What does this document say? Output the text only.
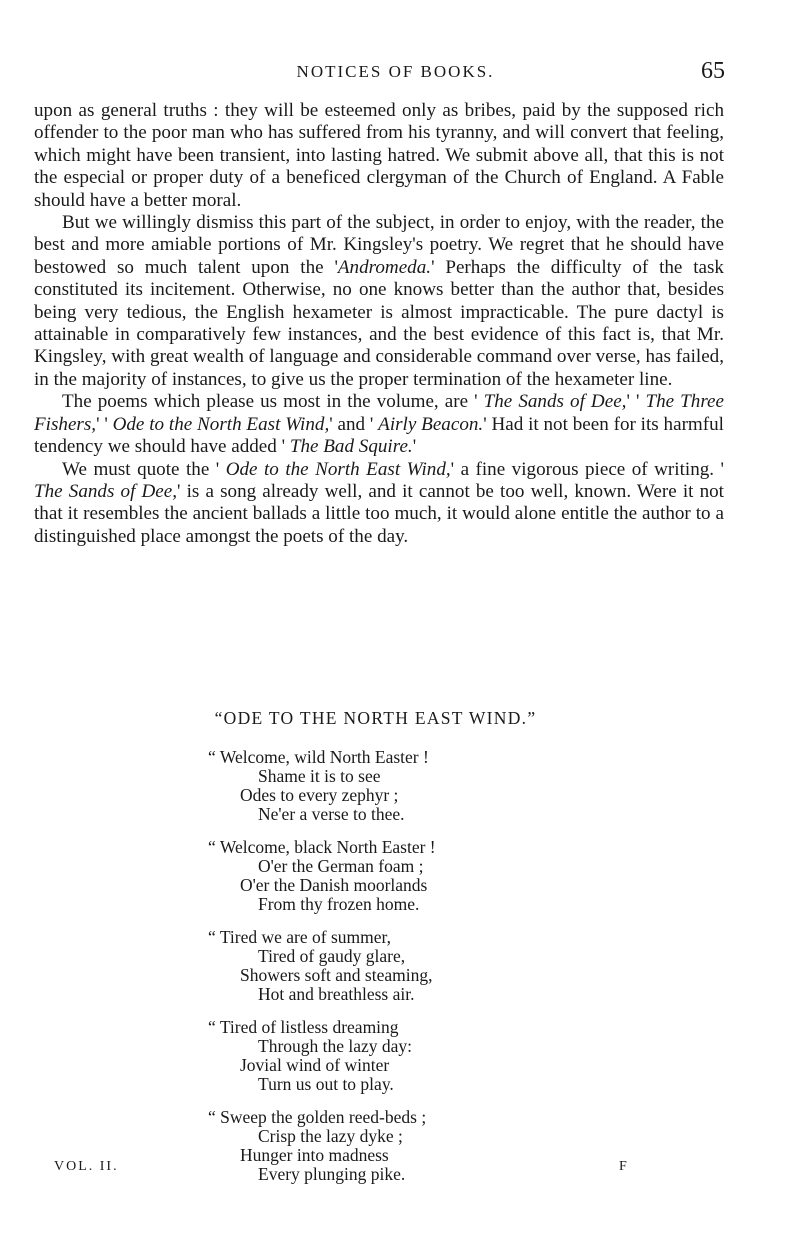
NOTICES OF BOOKS.	65

upon as general truths : they will be esteemed only as bribes, paid by the supposed rich offender to the poor man who has suffered from his tyranny, and will convert that feeling, which might have been transient, into lasting hatred. We submit above all, that this is not the especial or proper duty of a beneficed clergyman of the Church of England. A Fable should have a better moral.

But we willingly dismiss this part of the subject, in order to enjoy, with the reader, the best and more amiable portions of Mr. Kingsley's poetry. We regret that he should have bestowed so much talent upon the 'Andromeda.' Perhaps the difficulty of the task constituted its incitement. Otherwise, no one knows better than the author that, besides being very tedious, the English hexameter is almost impracticable. The pure dactyl is attainable in comparatively few instances, and the best evidence of this fact is, that Mr. Kingsley, with great wealth of language and considerable command over verse, has failed, in the majority of instances, to give us the proper termination of the hexameter line.

The poems which please us most in the volume, are ' The Sands of Dee,' ' The Three Fishers,' ' Ode to the North East Wind,' and ' Airly Beacon.' Had it not been for its harmful tendency we should have added ' The Bad Squire.'

We must quote the ' Ode to the North East Wind,' a fine vigorous piece of writing. ' The Sands of Dee,' is a song already well, and it cannot be too well, known. Were it not that it resembles the ancient ballads a little too much, it would alone entitle the author to a distinguished place amongst the poets of the day.

“ODE TO THE NORTH EAST WIND.”
“ Welcome, wild North Easter !
Shame it is to see
Odes to every zephyr ;
Ne'er a verse to thee.
“ Welcome, black North Easter !
O'er the German foam ;
O'er the Danish moorlands
From thy frozen home.
“ Tired we are of summer,
Tired of gaudy glare,
Showers soft and steaming,
Hot and breathless air.
“ Tired of listless dreaming
Through the lazy day:
Jovial wind of winter
Turn us out to play.
“ Sweep the golden reed-beds ;
Crisp the lazy dyke ;
Hunger into madness
Every plunging pike.
VOL. II.	F
